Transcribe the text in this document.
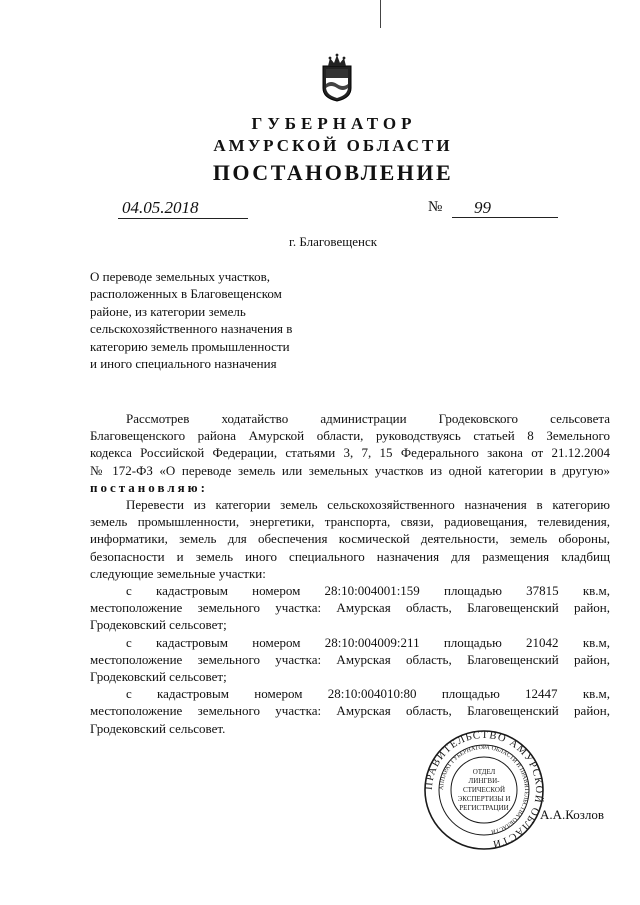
ГУБЕРНАТОР
АМУРСКОЙ ОБЛАСТИ
ПОСТАНОВЛЕНИЕ
04.05.2018	№	99
г. Благовещенск
О переводе земельных участков,
расположенных в Благовещенском
районе, из категории земель
сельскохозяйственного назначения в
категорию земель промышленности
и иного специального назначения

Рассмотрев ходатайство администрации Гродековского сельсовета

Благовещенского района Амурской области, руководствуясь статьей 8 Земельного

кодекса Российской Федерации, статьями 3, 7, 15 Федерального закона от 21.12.2004

№ 172-ФЗ «О переводе земель или земельных участков из одной категории в другую»

постановляю:

Перевести из категории земель сельскохозяйственного назначения в категорию

земель промышленности, энергетики, транспорта, связи, радиовещания, телевидения,

информатики, земель для обеспечения космической деятельности, земель обороны,

безопасности и земель иного специального назначения для размещения кладбищ

следующие земельные участки:

с кадастровым номером 28:10:004001:159 площадью 37815 кв.м,

местоположение земельного участка: Амурская область, Благовещенский район,

Гродековский сельсовет;

с кадастровым номером 28:10:004009:211 площадью 21042 кв.м,

местоположение земельного участка: Амурская область, Благовещенский район,

Гродековский сельсовет;

с кадастровым номером 28:10:004010:80 площадью 12447 кв.м,

местоположение земельного участка: Амурская область, Благовещенский район,

Гродековский сельсовет.

ПРАВИТЕЛЬСТВО АМУРСКОЙ ОБЛАСТИ
АППАРАТ ГУБЕРНАТОРА ОБЛАСТИ И ПРАВИТЕЛЬСТВА ОБЛАСТИ
ОТДЕЛ
ЛИНГВИ-
СТИЧЕСКОЙ
ЭКСПЕРТИЗЫ И
РЕГИСТРАЦИИ А.А.Козлов
